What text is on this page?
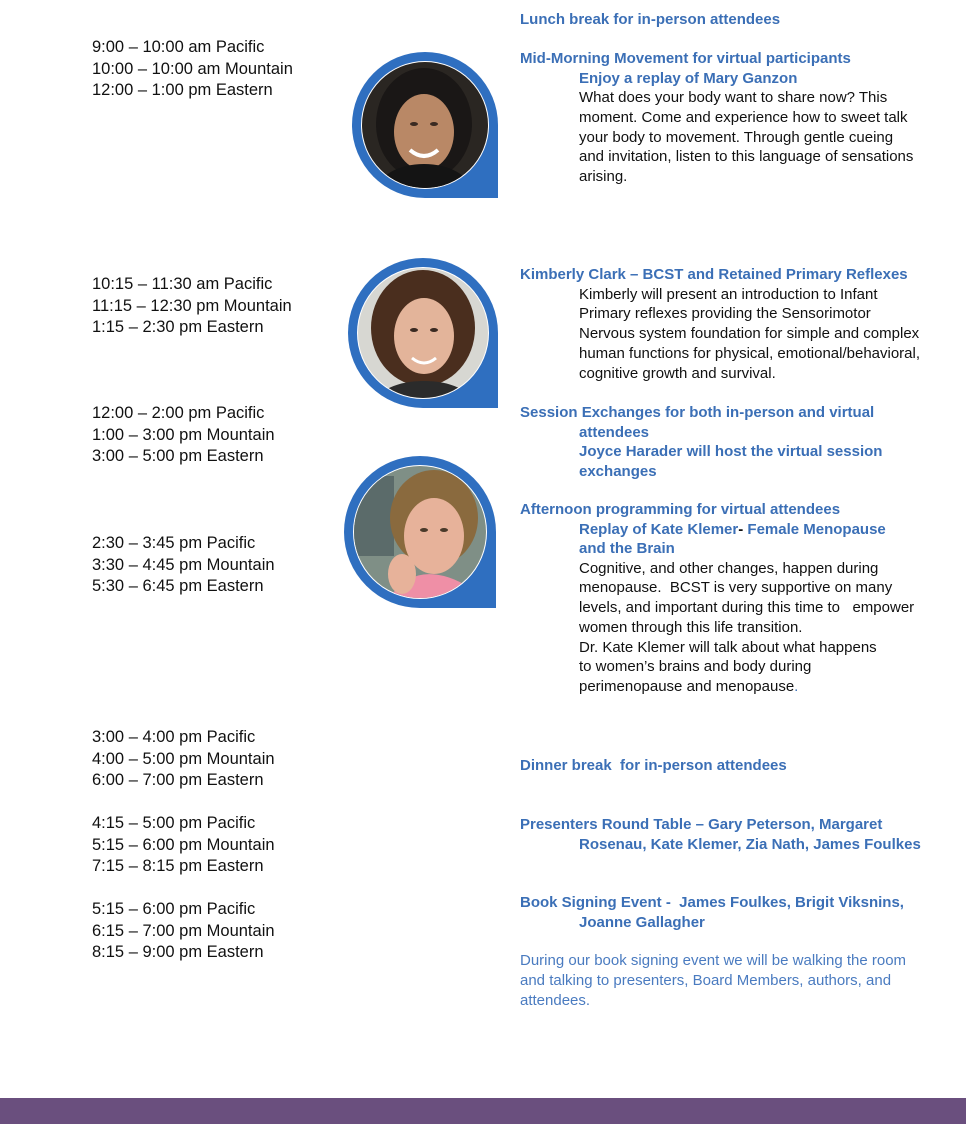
9:00 – 10:00 am Pacific
10:00 – 10:00 am Mountain
12:00 – 1:00 pm Eastern
10:15 – 11:30 am Pacific
11:15 – 12:30 pm Mountain
1:15 – 2:30 pm Eastern
12:00 – 2:00 pm Pacific
1:00 – 3:00 pm Mountain
3:00 – 5:00 pm Eastern
2:30 – 3:45 pm Pacific
3:30 – 4:45 pm Mountain
5:30 – 6:45 pm Eastern
3:00 – 4:00 pm Pacific
4:00 – 5:00 pm Mountain
6:00 – 7:00 pm Eastern
4:15 – 5:00 pm Pacific
5:15 – 6:00 pm Mountain
7:15 – 8:15 pm Eastern
5:15 – 6:00 pm Pacific
6:15 – 7:00 pm Mountain
8:15 – 9:00 pm Eastern
Lunch break for in-person attendees
Mid-Morning Movement for virtual participants
Enjoy a replay of Mary Ganzon
What does your body want to share now? This
moment. Come and experience how to sweet talk
your body to movement. Through gentle cueing
and invitation, listen to this language of sensations
arising.
Kimberly Clark – BCST and Retained Primary Reflexes
Kimberly will present an introduction to Infant
Primary reflexes providing the Sensorimotor
Nervous system foundation for simple and complex
human functions for physical, emotional/behavioral,
cognitive growth and survival.
Session Exchanges for both in-person and virtual
attendees
Joyce Harader will host the virtual session
exchanges
Afternoon programming for virtual attendees
Replay of Kate Klemer- Female Menopause
and the Brain
Cognitive, and other changes, happen during
menopause.  BCST is very supportive on many
levels, and important during this time to   empower
women through this life transition.
Dr. Kate Klemer will talk about what happens
to women’s brains and body during
perimenopause and menopause.
Dinner break  for in-person attendees
Presenters Round Table – Gary Peterson, Margaret
Rosenau, Kate Klemer, Zia Nath, James Foulkes
Book Signing Event -  James Foulkes, Brigit Viksnins,
Joanne Gallagher
During our book signing event we will be walking the room
and talking to presenters, Board Members, authors, and
attendees.
